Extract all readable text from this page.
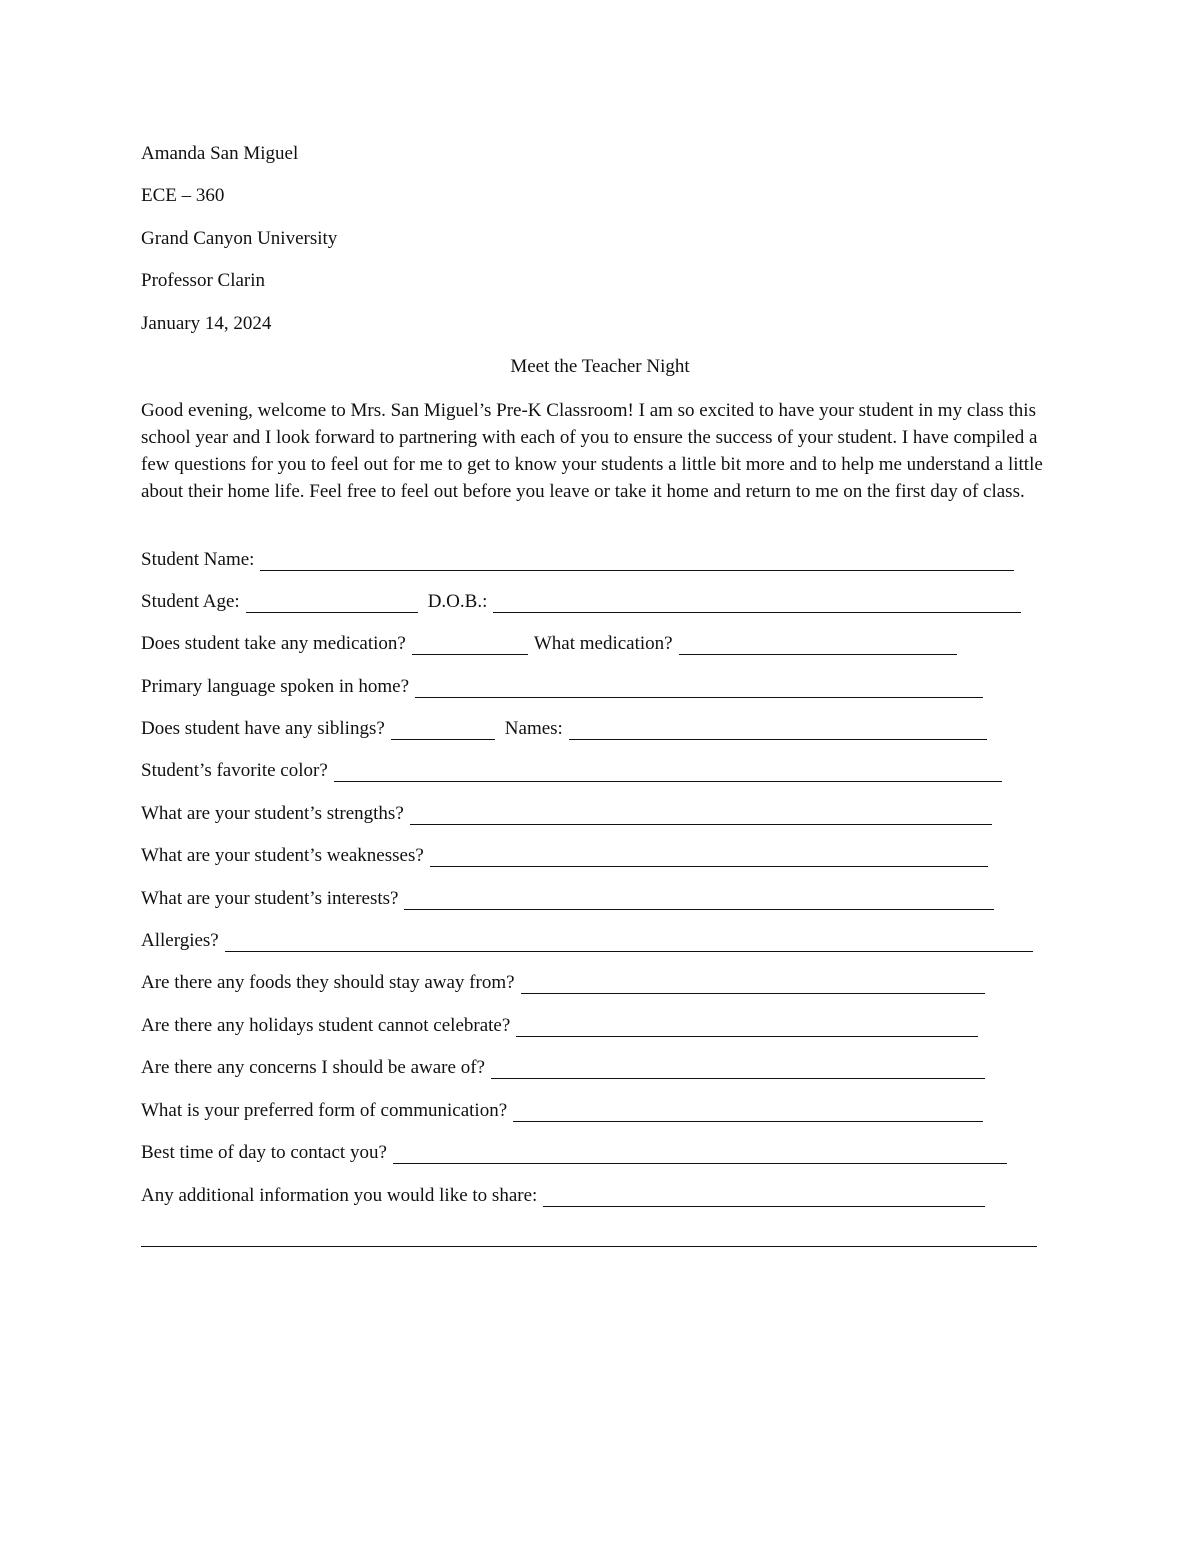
Amanda San Miguel
ECE – 360
Grand Canyon University
Professor Clarin
January 14, 2024
Meet the Teacher Night
Good evening, welcome to Mrs. San Miguel’s Pre-K Classroom! I am so excited to have your student in my class this school year and I look forward to partnering with each of you to ensure the success of your student. I have compiled a few questions for you to feel out for me to get to know your students a little bit more and to help me understand a little about their home life. Feel free to feel out before you leave or take it home and return to me on the first day of class.
Student Name:
Student Age:	D.O.B.:
Does student take any medication?	What medication?
Primary language spoken in home?
Does student have any siblings?	Names:
Student’s favorite color?
What are your student’s strengths?
What are your student’s weaknesses?
What are your student’s interests?
Allergies?
Are there any foods they should stay away from?
Are there any holidays student cannot celebrate?
Are there any concerns I should be aware of?
What is your preferred form of communication?
Best time of day to contact you?
Any additional information you would like to share:
